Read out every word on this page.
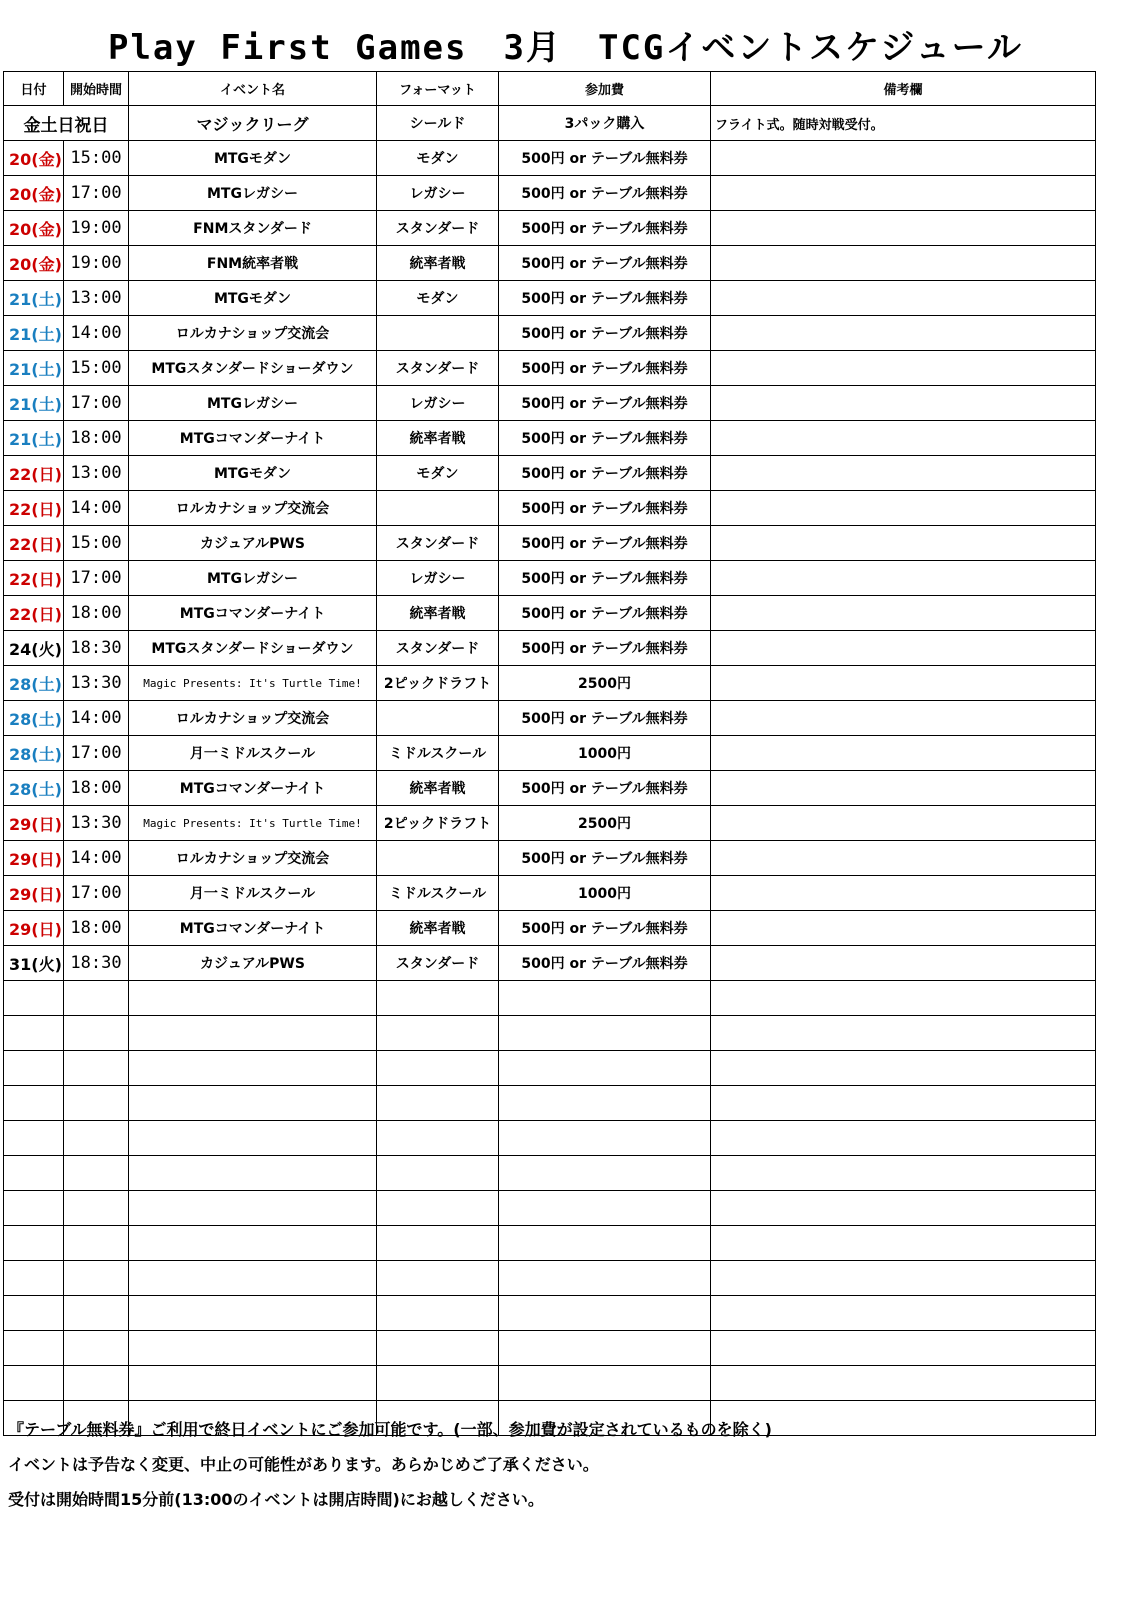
Play First Games　3月　TCGイベントスケジュール
日付	開始時間	イベント名	フォーマット	参加費	備考欄
金土日祝日		マジックリーグ	シールド	3パック購入	フライト式。随時対戦受付。
20(金)	15:00	MTGモダン	モダン	500円 or テーブル無料券	
20(金)	17:00	MTGレガシー	レガシー	500円 or テーブル無料券	
20(金)	19:00	FNMスタンダード	スタンダード	500円 or テーブル無料券	
20(金)	19:00	FNM統率者戦	統率者戦	500円 or テーブル無料券	
21(土)	13:00	MTGモダン	モダン	500円 or テーブル無料券	
21(土)	14:00	ロルカナショップ交流会		500円 or テーブル無料券	
21(土)	15:00	MTGスタンダードショーダウン	スタンダード	500円 or テーブル無料券	
21(土)	17:00	MTGレガシー	レガシー	500円 or テーブル無料券	
21(土)	18:00	MTGコマンダーナイト	統率者戦	500円 or テーブル無料券	
22(日)	13:00	MTGモダン	モダン	500円 or テーブル無料券	
22(日)	14:00	ロルカナショップ交流会		500円 or テーブル無料券	
22(日)	15:00	カジュアルPWS	スタンダード	500円 or テーブル無料券	
22(日)	17:00	MTGレガシー	レガシー	500円 or テーブル無料券	
22(日)	18:00	MTGコマンダーナイト	統率者戦	500円 or テーブル無料券	
24(火)	18:30	MTGスタンダードショーダウン	スタンダード	500円 or テーブル無料券	
28(土)	13:30	Magic Presents: It's Turtle Time!	2ピックドラフト	2500円	
28(土)	14:00	ロルカナショップ交流会		500円 or テーブル無料券	
28(土)	17:00	月一ミドルスクール	ミドルスクール	1000円	
28(土)	18:00	MTGコマンダーナイト	統率者戦	500円 or テーブル無料券	
29(日)	13:30	Magic Presents: It's Turtle Time!	2ピックドラフト	2500円	
29(日)	14:00	ロルカナショップ交流会		500円 or テーブル無料券	
29(日)	17:00	月一ミドルスクール	ミドルスクール	1000円	
29(日)	18:00	MTGコマンダーナイト	統率者戦	500円 or テーブル無料券	
31(火)	18:30	カジュアルPWS	スタンダード	500円 or テーブル無料券	

『テーブル無料券』ご利用で終日イベントにご参加可能です。(一部、参加費が設定されているものを除く)
イベントは予告なく変更、中止の可能性があります。あらかじめご了承ください。
受付は開始時間15分前(13:00のイベントは開店時間)にお越しください。
